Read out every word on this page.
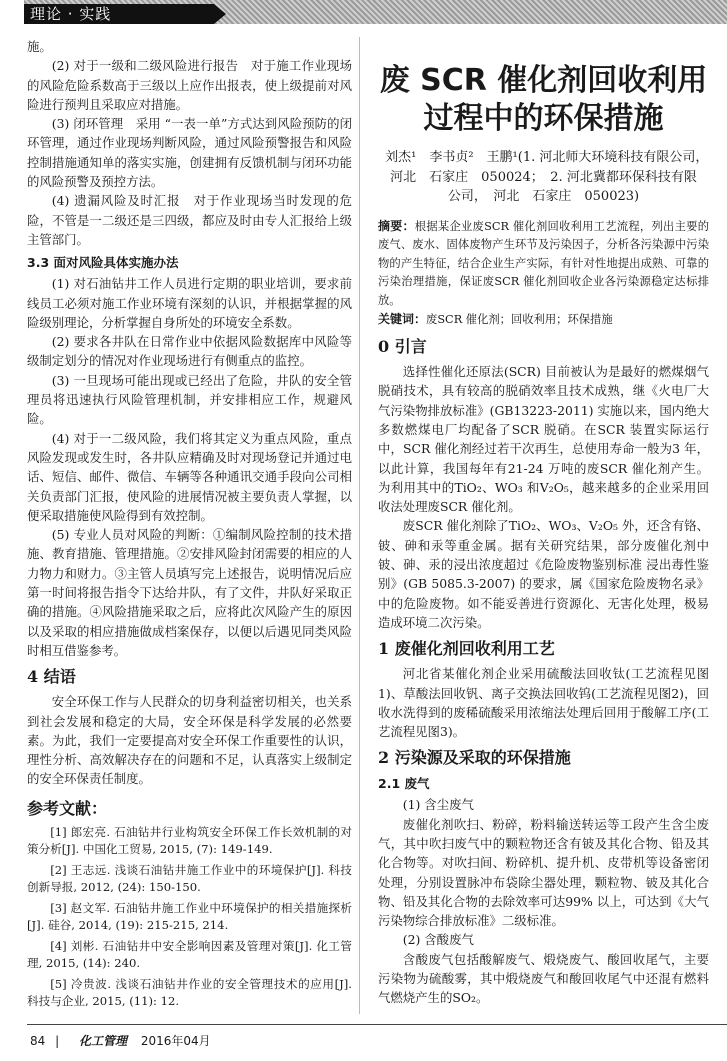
理论 · 实践

施。

(2) 对于一级和二级风险进行报告　对于施工作业现场的风险危险系数高于三级以上应作出报表，使上级提前对风险进行预判且采取应对措施。

(3) 闭环管理　采用 “一表一单”方式达到风险预防的闭环管理，通过作业现场判断风险，通过风险预警报告和风险控制措施通知单的落实实施，创建拥有反馈机制与闭环功能的风险预警及预控方法。

(4) 遗漏风险及时汇报　对于作业现场当时发现的危险，不管是一二级还是三四级，都应及时由专人汇报给上级主管部门。

3.3 面对风险具体实施办法

(1) 对石油钻井工作人员进行定期的职业培训，要求前线员工必须对施工作业环境有深刻的认识，并根据掌握的风险级别理论，分析掌握自身所处的环境安全系数。

(2) 要求各井队在日常作业中依据风险数据库中风险等级制定划分的情况对作业现场进行有侧重点的监控。

(3) 一旦现场可能出现或已经出了危险，井队的安全管理员将迅速执行风险管理机制，并安排相应工作，规避风险。

(4) 对于一二级风险，我们将其定义为重点风险，重点风险发现或发生时，各井队应精确及时对现场登记并通过电话、短信、邮件、微信、车辆等各种通讯交通手段向公司相关负责部门汇报，使风险的进展情况被主要负责人掌握，以便采取措施使风险得到有效控制。

(5) 专业人员对风险的判断：①编制风险控制的技术措施、教育措施、管理措施。②安排风险封闭需要的相应的人力物力和财力。③主管人员填写完上述报告，说明情况后应第一时间将报告指令下达给井队，有了文件，井队好采取正确的措施。④风险措施采取之后，应将此次风险产生的原因以及采取的相应措施做成档案保存，以便以后遇见同类风险时相互借鉴参考。

4 结语

安全环保工作与人民群众的切身利益密切相关，也关系到社会发展和稳定的大局，安全环保是科学发展的必然要素。为此，我们一定要提高对安全环保工作重要性的认识，理性分析、高效解决存在的问题和不足，认真落实上级制定的安全环保责任制度。

参考文献：

[1] 郎宏亮. 石油钻井行业构筑安全环保工作长效机制的对策分析[J]. 中国化工贸易, 2015, (7): 149-149.

[2] 王志远. 浅谈石油钻井施工作业中的环境保护[J]. 科技创新导报, 2012, (24): 150-150.

[3] 赵文军. 石油钻井施工作业中环境保护的相关措施探析[J]. 硅谷, 2014, (19): 215-215, 214.

[4] 刘彬. 石油钻井中安全影响因素及管理对策[J]. 化工管理, 2015, (14): 240.

[5] 冷贵波. 浅谈石油钻井作业的安全管理技术的应用[J]. 科技与企业, 2015, (11): 12.

废 SCR 催化剂回收利用过程中的环保措施
刘杰¹　李书贞²　王鹏¹(1. 河北师大环境科技有限公司，　河北　石家庄　050024；　2. 河北冀都环保科技有限公司，　河北　石家庄　050023)
摘要：根据某企业废SCR 催化剂回收利用工艺流程，列出主要的废气、废水、固体废物产生环节及污染因子，分析各污染源中污染物的产生特征，结合企业生产实际，有针对性地提出成熟、可靠的污染治理措施，保证废SCR 催化剂回收企业各污染源稳定达标排放。
关键词：废SCR 催化剂；回收利用；环保措施
0 引言

选择性催化还原法(SCR) 目前被认为是最好的燃煤烟气脱硝技术，具有较高的脱硝效率且技术成熟，继《火电厂大气污染物排放标准》(GB13223-2011) 实施以来，国内绝大多数燃煤电厂均配备了SCR 脱硝。在SCR 装置实际运行中，SCR 催化剂经过若干次再生，总使用寿命一般为3 年，以此计算，我国每年有21-24 万吨的废SCR 催化剂产生。为利用其中的TiO₂、WO₃ 和V₂O₅，越来越多的企业采用回收法处理废SCR 催化剂。

废SCR 催化剂除了TiO₂、WO₃、V₂O₅ 外，还含有铬、铍、砷和汞等重金属。据有关研究结果，部分废催化剂中铍、砷、汞的浸出浓度超过《危险废物鉴别标准 浸出毒性鉴别》(GB 5085.3-2007) 的要求，属《国家危险废物名录》中的危险废物。如不能妥善进行资源化、无害化处理，极易造成环境二次污染。

1 废催化剂回收利用工艺

河北省某催化剂企业采用硫酸法回收钛(工艺流程见图1)、草酸法回收钒、离子交换法回收钨(工艺流程见图2)，回收水洗得到的废稀硫酸采用浓缩法处理后回用于酸解工序(工艺流程见图3)。

2 污染源及采取的环保措施
2.1 废气

(1) 含尘废气

废催化剂吹扫、粉碎，粉料输送转运等工段产生含尘废气，其中吹扫废气中的颗粒物还含有铍及其化合物、铅及其化合物等。对吹扫间、粉碎机、提升机、皮带机等设备密闭处理，分别设置脉冲布袋除尘器处理，颗粒物、铍及其化合物、铅及其化合物的去除效率可达99% 以上，可达到《大气污染物综合排放标准》二级标准。

(2) 含酸废气

含酸废气包括酸解废气、煅烧废气、酸回收尾气，主要污染物为硫酸雾，其中煅烧废气和酸回收尾气中还混有燃料气燃烧产生的SO₂。

84 | 化工管理 2016年04月
